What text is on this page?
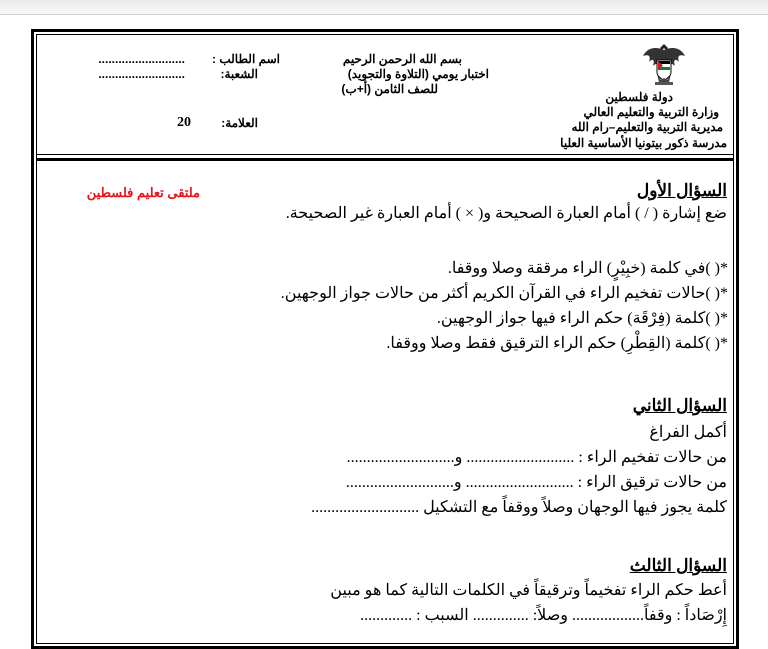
بسم الله الرحمن الرحيم
اختبار يومي (التلاوة والتجويد)
للصف الثامن (أ+ب)
اسم الطالب :
..........................
الشعبة:
..........................
العلامة:
20
دولة فلسطين
وزارة التربية والتعليم العالي
مديرية التربية والتعليم–رام الله
مدرسة ذكور بيتونيا الأساسية العليا
ملتقى تعليم فلسطين	السؤال الأول
ضع إشارة ( / ) أمام العبارة الصحيحة و( × ) أمام العبارة غير الصحيحة.
*( )في كلمة (خبِيْرٍ) الراء مرققة وصلا ووقفا.
*( )حالات تفخيم الراء في القرآن الكريم أكثر من حالات جواز الوجهين.
*( )كلمة (فِرْقَة) حكم الراء فيها جواز الوجهين.
*( )كلمة (القِطْرِ) حكم الراء الترقيق فقط وصلا ووقفا.
السؤال الثاني
أكمل الفراغ
من حالات تفخيم الراء : ........................... و...........................
من حالات ترقيق الراء : ........................... و...........................
كلمة يجوز فيها الوجهان وصلاً ووقفاً مع التشكيل ...........................
السؤال الثالث
أعط حكم الراء تفخيماً وترقيقاً في الكلمات التالية كما هو مبين
إِرْصَاداً : وقفاً.................. وصلاً: .............. السبب : .............
